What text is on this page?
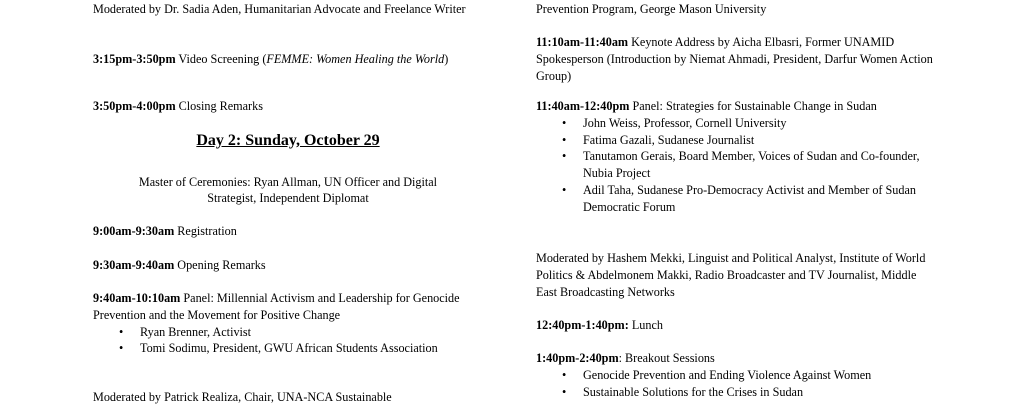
Moderated by Dr. Sadia Aden, Humanitarian Advocate and Freelance Writer

3:15pm-3:50pm Video Screening (FEMME: Women Healing the World)

3:50pm-4:00pm Closing Remarks

Day 2: Sunday, October 29

Master of Ceremonies: Ryan Allman, UN Officer and Digital

Strategist, Independent Diplomat

9:00am-9:30am Registration

9:30am-9:40am Opening Remarks

9:40am-10:10am Panel: Millennial Activism and Leadership for Genocide Prevention and the Movement for Positive Change

• Ryan Brenner, Activist
• Tomi Sodimu, President, GWU African Students Association

Moderated by Patrick Realiza, Chair, UNA-NCA Sustainable

Prevention Program, George Mason University

11:10am-11:40am Keynote Address by Aicha Elbasri, Former UNAMID Spokesperson (Introduction by Niemat Ahmadi, President, Darfur Women Action Group)

11:40am-12:40pm Panel: Strategies for Sustainable Change in Sudan

• John Weiss, Professor, Cornell University
• Fatima Gazali, Sudanese Journalist
• Tanutamon Gerais, Board Member, Voices of Sudan and Co-founder, Nubia Project
• Adil Taha, Sudanese Pro-Democracy Activist and Member of Sudan Democratic Forum

Moderated by Hashem Mekki, Linguist and Political Analyst, Institute of World Politics & Abdelmonem Makki, Radio Broadcaster and TV Journalist, Middle East Broadcasting Networks

12:40pm-1:40pm: Lunch

1:40pm-2:40pm: Breakout Sessions

• Genocide Prevention and Ending Violence Against Women
• Sustainable Solutions for the Crises in Sudan
